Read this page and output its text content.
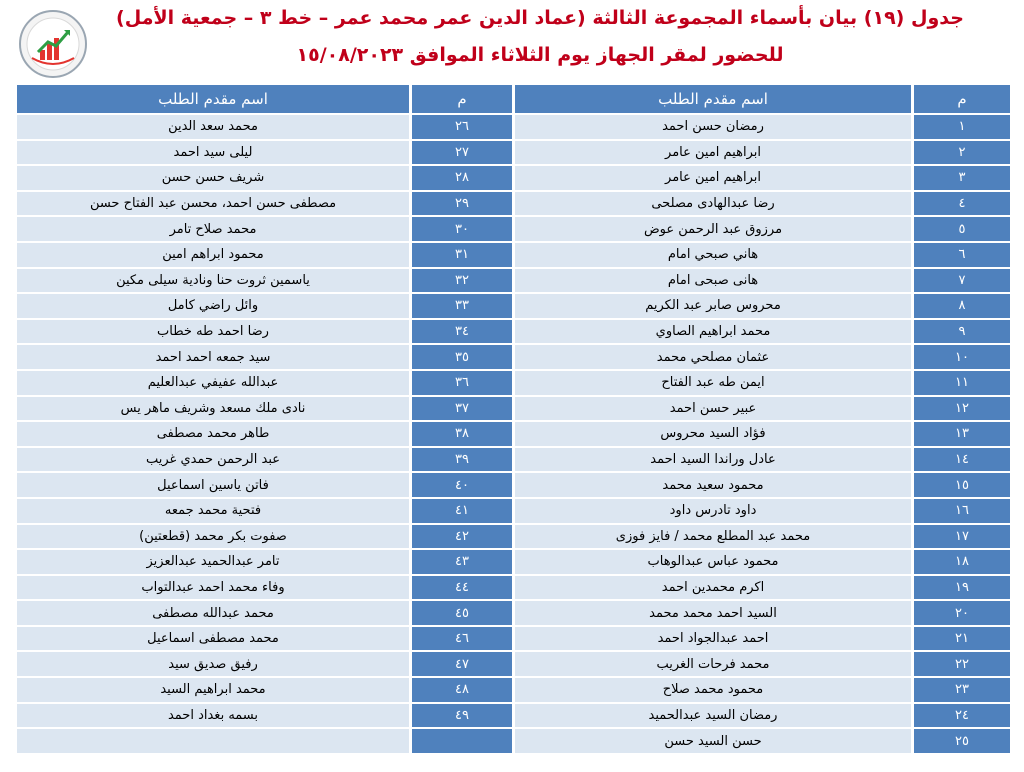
جدول (١٩) بيان بأسماء المجموعة الثالثة (عماد الدين عمر محمد عمر – خط ٣ – جمعية الأمل)
للحضور لمقر الجهاز يوم الثلاثاء الموافق ١٥/٠٨/٢٠٢٣
م	اسم مقدم الطلب	م	اسم مقدم الطلب
١	رمضان حسن احمد	٢٦	محمد سعد الدين
٢	ابراهيم امين عامر	٢٧	ليلى سيد احمد
٣	ابراهيم امين عامر	٢٨	شريف حسن حسن
٤	رضا عبدالهادى مصلحى	٢٩	مصطفى حسن احمد، محسن عبد الفتاح حسن
٥	مرزوق عبد الرحمن عوض	٣٠	محمد صلاح تامر
٦	هاني صبحي امام	٣١	محمود ابراهم امين
٧	هانى صبحى امام	٣٢	ياسمين ثروت حنا ونادية سيلى مكين
٨	محروس صابر عبد الكريم	٣٣	وائل راضي كامل
٩	محمد ابراهيم الصاوي	٣٤	رضا احمد طه خطاب
١٠	عثمان مصلحي محمد	٣٥	سيد جمعه احمد احمد
١١	ايمن طه عبد الفتاح	٣٦	عبدالله عفيفي عبدالعليم
١٢	عبير حسن احمد	٣٧	نادى ملك مسعد وشريف ماهر يس
١٣	فؤاد السيد محروس	٣٨	طاهر محمد مصطفى
١٤	عادل وراندا السيد احمد	٣٩	عبد الرحمن حمدي غريب
١٥	محمود سعيد محمد	٤٠	فاتن ياسين اسماعيل
١٦	داود تادرس داود	٤١	فتحية محمد جمعه
١٧	محمد عبد المطلع محمد / فايز فوزى	٤٢	صفوت بكر محمد (قطعتين)
١٨	محمود عباس عبدالوهاب	٤٣	تامر عبدالحميد عبدالعزيز
١٩	اكرم محمدين احمد	٤٤	وفاء محمد احمد عبدالتواب
٢٠	السيد احمد محمد محمد	٤٥	محمد عبدالله مصطفى
٢١	احمد عبدالجواد احمد	٤٦	محمد مصطفى اسماعيل
٢٢	محمد فرحات الغريب	٤٧	رفيق صديق سيد
٢٣	محمود محمد صلاح	٤٨	محمد ابراهيم السيد
٢٤	رمضان السيد عبدالحميد	٤٩	بسمه بغداد احمد
٢٥	حسن السيد حسن		
